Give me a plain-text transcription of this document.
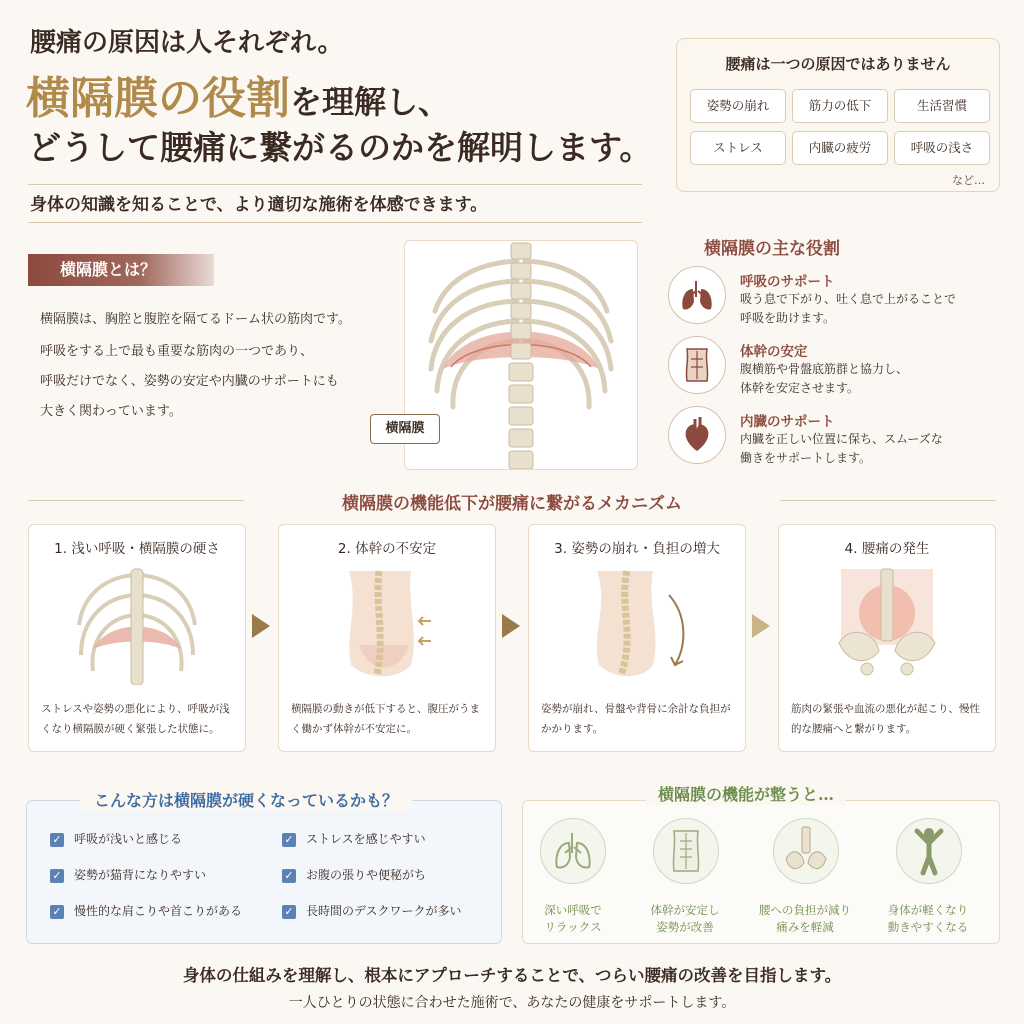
腰痛の原因は人それぞれ。
横隔膜の役割を理解し、
どうして腰痛に繋がるのかを解明します。
身体の知識を知ることで、より適切な施術を体感できます。
腰痛は一つの原因ではありません
姿勢の崩れ	筋力の低下	生活習慣
ストレス	内臓の疲労	呼吸の浅さ
など…
横隔膜とは？
横隔膜は、胸腔と腹腔を隔てるドーム状の筋肉です。
呼吸をする上で最も重要な筋肉の一つであり、
呼吸だけでなく、姿勢の安定や内臓のサポートにも
大きく関わっています。
横隔膜
横隔膜の主な役割
呼吸のサポート
吸う息で下がり、吐く息で上がることで
呼吸を助けます。
体幹の安定
腹横筋や骨盤底筋群と協力し、
体幹を安定させます。
内臓のサポート
内臓を正しい位置に保ち、スムーズな
働きをサポートします。
横隔膜の機能低下が腰痛に繋がるメカニズム
1. 浅い呼吸・横隔膜の硬さ
ストレスや姿勢の悪化により、呼吸が浅くなり横隔膜が硬く緊張した状態に。
2. 体幹の不安定
横隔膜の動きが低下すると、腹圧がうまく働かず体幹が不安定に。
3. 姿勢の崩れ・負担の増大
姿勢が崩れ、骨盤や背骨に余計な負担がかかります。
4. 腰痛の発生
筋肉の緊張や血流の悪化が起こり、慢性的な腰痛へと繋がります。
こんな方は横隔膜が硬くなっているかも？
✓ 呼吸が浅いと感じる
✓ 姿勢が猫背になりやすい
✓ 慢性的な肩こりや首こりがある
✓ ストレスを感じやすい
✓ お腹の張りや便秘がち
✓ 長時間のデスクワークが多い
横隔膜の機能が整うと…
深い呼吸で
リラックス
体幹が安定し
姿勢が改善
腰への負担が減り
痛みを軽減
身体が軽くなり
動きやすくなる
身体の仕組みを理解し、根本にアプローチすることで、つらい腰痛の改善を目指します。
一人ひとりの状態に合わせた施術で、あなたの健康をサポートします。
